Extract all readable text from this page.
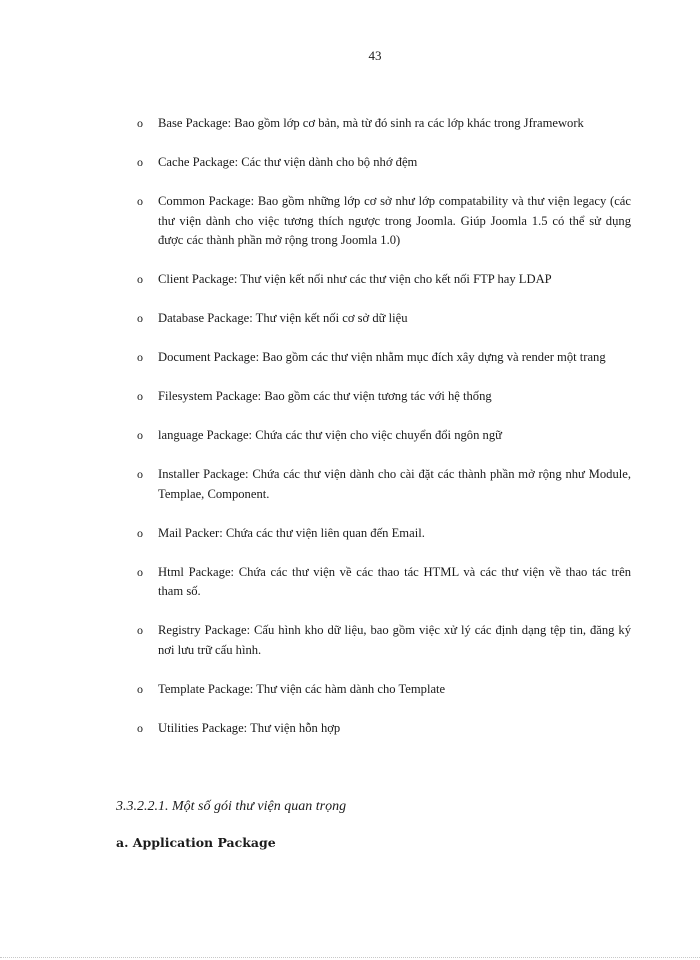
43
o Base Package: Bao gồm lớp cơ bản, mà từ đó sinh ra các lớp khác trong Jframework
o Cache Package: Các thư viện dành cho bộ nhớ đệm
o Common Package: Bao gồm những lớp cơ sở như lớp compatability và thư viện legacy (các thư viện dành cho việc tương thích ngược trong Joomla. Giúp Joomla 1.5 có thể sử dụng được các thành phần mở rộng trong Joomla 1.0)
o Client Package: Thư viện kết nối như các thư viện cho kết nối FTP hay LDAP
o Database Package: Thư viện kết nối cơ sở dữ liệu
o Document Package: Bao gồm các thư viện nhằm mục đích xây dựng và render một trang
o Filesystem Package: Bao gồm các thư viện tương tác với hệ thống
o language Package: Chứa các thư viện cho việc chuyển đổi ngôn ngữ
o Installer Package: Chứa các thư viện dành cho cài đặt các thành phần mở rộng như Module, Templae, Component.
o Mail Packer: Chứa các thư viện liên quan đến Email.
o Html Package: Chứa các thư viện về các thao tác HTML và các thư viện về thao tác trên tham số.
o Registry Package: Cấu hình kho dữ liệu, bao gồm việc xử lý các định dạng tệp tin, đăng ký nơi lưu trữ cấu hình.
o Template Package: Thư viện các hàm dành cho Template
o Utilities Package: Thư viện hỗn hợp
3.3.2.2.1. Một số gói thư viện quan trọng
a. Application Package
